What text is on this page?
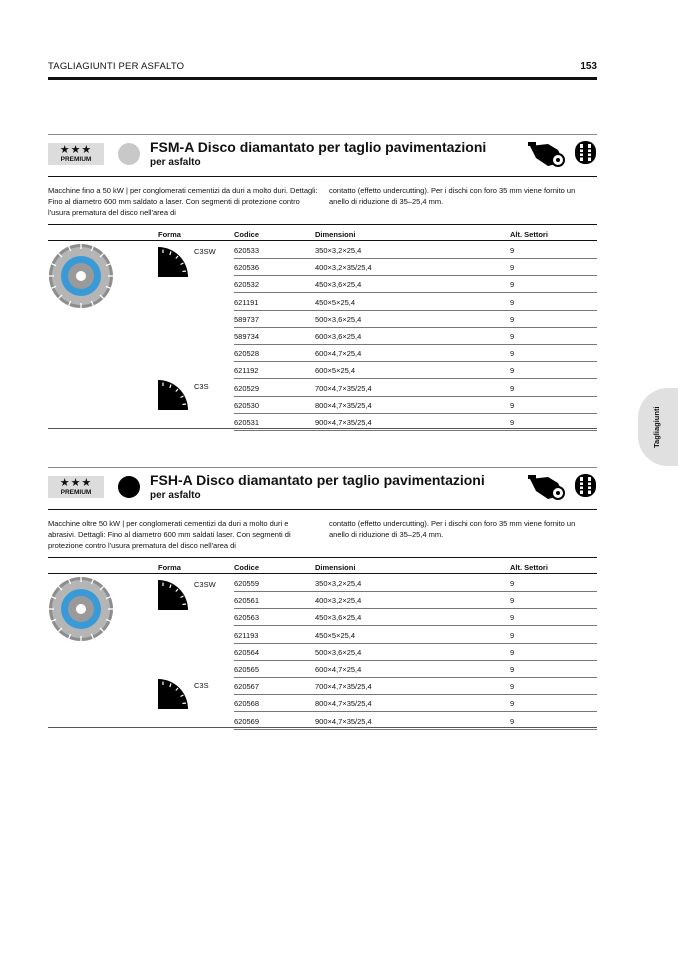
TAGLIAGIUNTI PER ASFALTO	153
Tagliagiunti
★★★
PREMIUM
FSM-A Disco diamantato per taglio pavimentazioni
per asfalto
Macchine fino a 50 kW | per conglomerati cementizi da duri a molto duri. Dettagli: Fino al diametro 600 mm saldato a laser. Con segmenti di protezione contro l'usura prematura del disco nell'area di
contatto (effetto undercutting). Per i dischi con foro 35 mm viene fornito un anello di riduzione di 35–25,4 mm.
Forma	Codice	Dimensioni	Alt. Settori
C3SW
C3S
620533	350×3,2×25,4	9
620536	400×3,2×35/25,4	9
620532	450×3,6×25,4	9
621191	450×5×25,4	9
589737	500×3,6×25,4	9
589734	600×3,6×25,4	9
620528	600×4,7×25,4	9
621192	600×5×25,4	9
620529	700×4,7×35/25,4	9
620530	800×4,7×35/25,4	9
620531	900×4,7×35/25,4	9
★★★
PREMIUM
FSH-A Disco diamantato per taglio pavimentazioni
per asfalto
Macchine oltre 50 kW | per conglomerati cementizi da duri a molto duri e abrasivi. Dettagli: Fino al diametro 600 mm saldati laser. Con segmenti di protezione contro l'usura prematura del disco nell'area di
contatto (effetto undercutting). Per i dischi con foro 35 mm viene fornito un anello di riduzione di 35–25,4 mm.
Forma	Codice	Dimensioni	Alt. Settori
C3SW
C3S
620559	350×3,2×25,4	9
620561	400×3,2×25,4	9
620563	450×3,6×25,4	9
621193	450×5×25,4	9
620564	500×3,6×25,4	9
620565	600×4,7×25,4	9
620567	700×4,7×35/25,4	9
620568	800×4,7×35/25,4	9
620569	900×4,7×35/25,4	9
